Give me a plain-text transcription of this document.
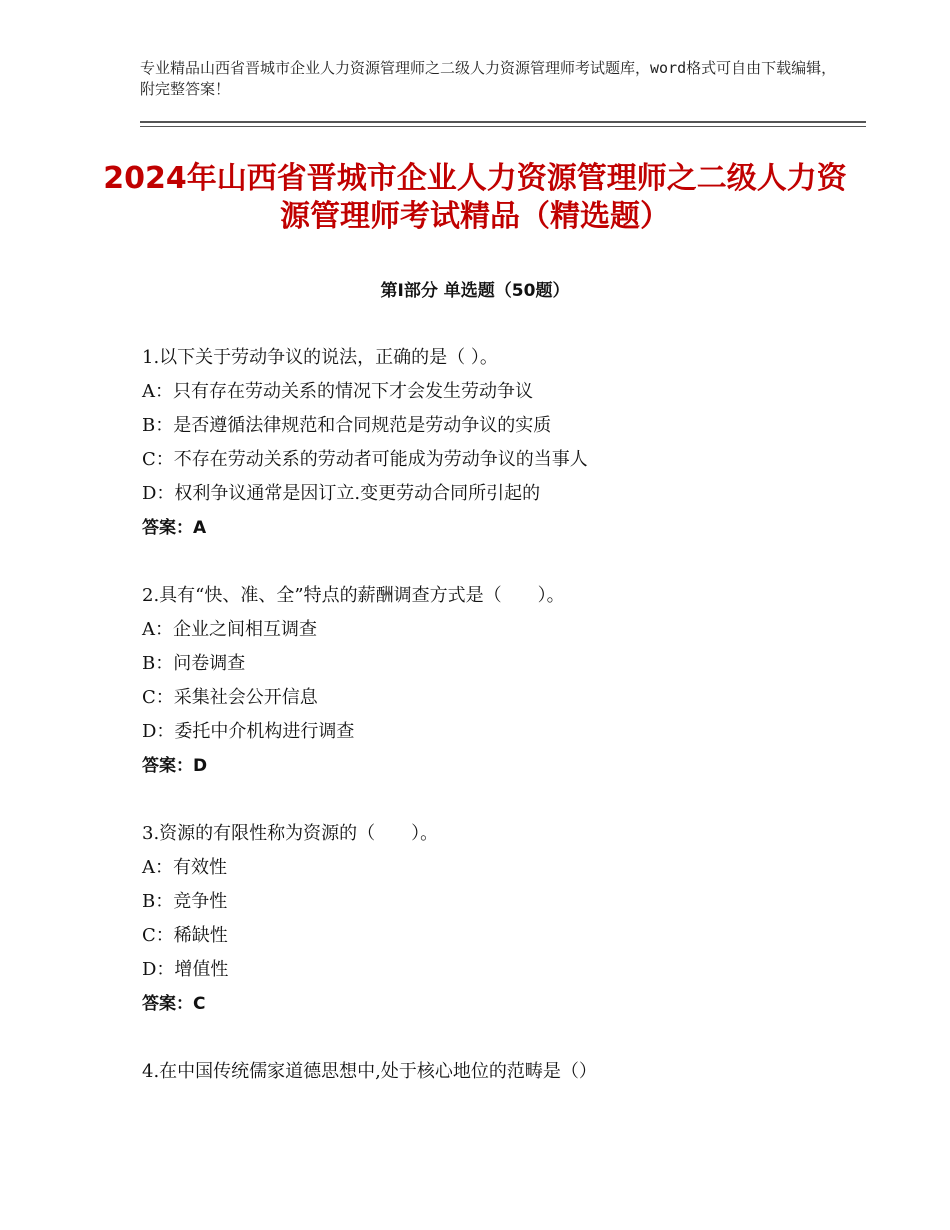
专业精品山西省晋城市企业人力资源管理师之二级人力资源管理师考试题库，word格式可自由下载编辑，附完整答案！
2024年山西省晋城市企业人力资源管理师之二级人力资源管理师考试精品（精选题）
第Ⅰ部分 单选题（50题）
1.以下关于劳动争议的说法，正确的是（ ）。
A：只有存在劳动关系的情况下才会发生劳动争议
B：是否遵循法律规范和合同规范是劳动争议的实质
C：不存在劳动关系的劳动者可能成为劳动争议的当事人
D：权利争议通常是因订立.变更劳动合同所引起的
答案：A
2.具有“快、准、全”特点的薪酬调查方式是（　　）。
A：企业之间相互调查
B：问卷调查
C：采集社会公开信息
D：委托中介机构进行调查
答案：D
3.资源的有限性称为资源的（　　）。
A：有效性
B：竞争性
C：稀缺性
D：增值性
答案：C
4.在中国传统儒家道德思想中,处于核心地位的范畴是（）
